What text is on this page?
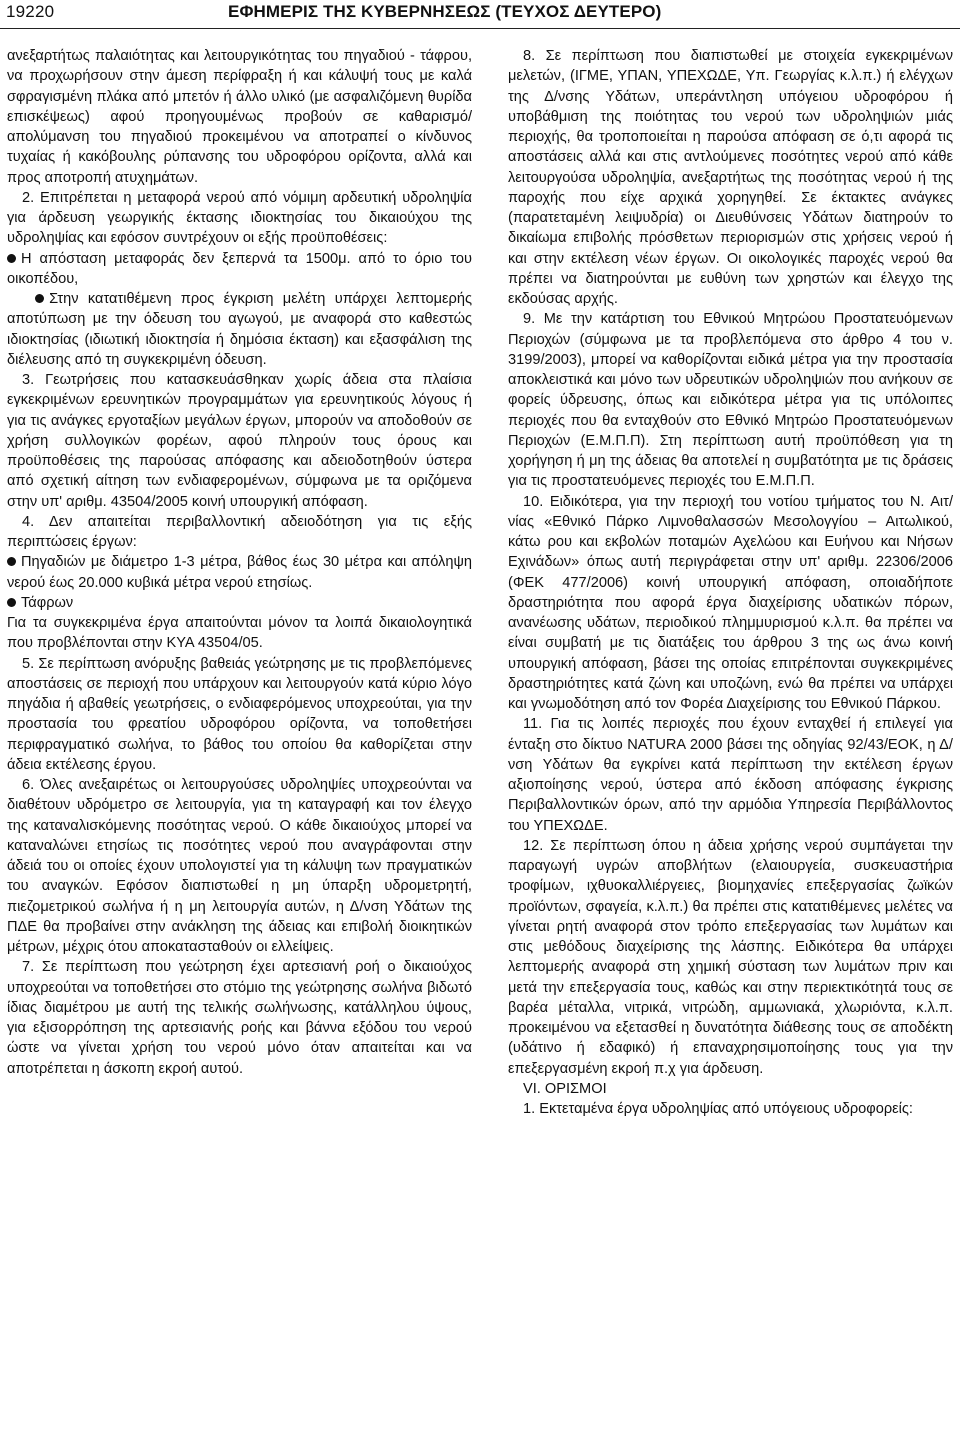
19220	ΕΦΗΜΕΡΙΣ ΤΗΣ ΚΥΒΕΡΝΗΣΕΩΣ (ΤΕΥΧΟΣ ΔΕΥΤΕΡΟ)

ανεξαρτήτως παλαιότητας και λειτουργικότητας του πηγαδιού - τάφρου, να προχωρήσουν στην άμεση περίφραξη ή και κάλυψή τους με καλά σφραγισμένη πλάκα από μπετόν ή άλλο υλικό (με ασφαλιζόμενη θυρίδα επισκέψεως) αφού προηγουμένως προβούν σε καθαρισμό/ απολύμανση του πηγαδιού προκειμένου να αποτραπεί ο κίνδυνος τυχαίας ή κακόβουλης ρύπανσης του υδροφόρου ορίζοντα, αλλά και προς αποτροπή ατυχημάτων.

2. Επιτρέπεται η μεταφορά νερού από νόμιμη αρδευτική υδροληψία για άρδευση γεωργικής έκτασης ιδιοκτησίας του δικαιούχου της υδροληψίας και εφόσον συντρέχουν οι εξής προϋποθέσεις:

Η απόσταση μεταφοράς δεν ξεπερνά τα 1500μ. από το όριο του οικοπέδου,

Στην κατατιθέμενη προς έγκριση μελέτη υπάρχει λεπτομερής αποτύπωση με την όδευση του αγωγού, με αναφορά στο καθεστώς ιδιοκτησίας (ιδιωτική ιδιοκτησία ή δημόσια έκταση) και εξασφάλιση της διέλευσης από τη συγκεκριμένη όδευση.

3. Γεωτρήσεις που κατασκευάσθηκαν χωρίς άδεια στα πλαίσια εγκεκριμένων ερευνητικών προγραμμάτων για ερευνητικούς λόγους ή για τις ανάγκες εργοταξίων μεγάλων έργων, μπορούν να αποδοθούν σε χρήση συλλογικών φορέων, αφού πληρούν τους όρους και προϋποθέσεις της παρούσας απόφασης και αδειοδοτηθούν ύστερα από σχετική αίτηση των ενδιαφερομένων, σύμφωνα με τα οριζόμενα στην υπ' αριθμ. 43504/2005 κοινή υπουργική απόφαση.

4. Δεν απαιτείται περιβαλλοντική αδειοδότηση για τις εξής περιπτώσεις έργων:

Πηγαδιών με διάμετρο 1-3 μέτρα, βάθος έως 30 μέτρα και απόληψη νερού έως 20.000 κυβικά μέτρα νερού ετησίως.

Τάφρων

Για τα συγκεκριμένα έργα απαιτούνται μόνον τα λοιπά δικαιολογητικά που προβλέπονται στην ΚΥΑ 43504/05.

5. Σε περίπτωση ανόρυξης βαθειάς γεώτρησης με τις προβλεπόμενες αποστάσεις σε περιοχή που υπάρχουν και λειτουργούν κατά κύριο λόγο πηγάδια ή αβαθείς γεωτρήσεις, ο ενδιαφερόμενος υποχρεούται, για την προστασία του φρεατίου υδροφόρου ορίζοντα, να τοποθετήσει περιφραγματικό σωλήνα, το βάθος του οποίου θα καθορίζεται στην άδεια εκτέλεσης έργου.

6. Όλες ανεξαιρέτως οι λειτουργούσες υδροληψίες υποχρεούνται να διαθέτουν υδρόμετρο σε λειτουργία, για τη καταγραφή και τον έλεγχο της καταναλισκόμενης ποσότητας νερού. Ο κάθε δικαιούχος μπορεί να καταναλώνει ετησίως τις ποσότητες νερού που αναγράφονται στην άδειά του οι οποίες έχουν υπολογιστεί για τη κάλυψη των πραγματικών του αναγκών. Εφόσον διαπιστωθεί η μη ύπαρξη υδρομετρητή, πιεζομετρικού σωλήνα ή η μη λειτουργία αυτών, η Δ/νση Υδάτων της ΠΔΕ θα προβαίνει στην ανάκληση της άδειας και επιβολή διοικητικών μέτρων, μέχρις ότου αποκατασταθούν οι ελλείψεις.

7. Σε περίπτωση που γεώτρηση έχει αρτεσιανή ροή ο δικαιούχος υποχρεούται να τοποθετήσει στο στόμιο της γεώτρησης σωλήνα βιδωτό ίδιας διαμέτρου με αυτή της τελικής σωλήνωσης, κατάλληλου ύψους, για εξισορρόπηση της αρτεσιανής ροής και βάννα εξόδου του νερού ώστε να γίνεται χρήση του νερού μόνο όταν απαιτείται και να αποτρέπεται η άσκοπη εκροή αυτού.

8. Σε περίπτωση που διαπιστωθεί με στοιχεία εγκεκριμένων μελετών, (ΙΓΜΕ, ΥΠΑΝ, ΥΠΕΧΩΔΕ, Υπ. Γεωργίας κ.λ.π.) ή ελέγχων της Δ/νσης Υδάτων, υπεράντληση υπόγειου υδροφόρου ή υποβάθμιση της ποιότητας του νερού των υδροληψιών μιάς περιοχής, θα τροποποιείται η παρούσα απόφαση σε ό,τι αφορά τις αποστάσεις αλλά και στις αντλούμενες ποσότητες νερού από κάθε λειτουργούσα υδροληψία, ανεξαρτήτως της ποσότητας νερού ή της παροχής που είχε αρχικά χορηγηθεί. Σε έκτακτες ανάγκες (παρατεταμένη λειψυδρία) οι Διευθύνσεις Υδάτων διατηρούν το δικαίωμα επιβολής πρόσθετων περιορισμών στις χρήσεις νερού ή και στην εκτέλεση νέων έργων. Οι οικολογικές παροχές νερού θα πρέπει να διατηρούνται με ευθύνη των χρηστών και έλεγχο της εκδούσας αρχής.

9. Με την κατάρτιση του Εθνικού Μητρώου Προστατευόμενων Περιοχών (σύμφωνα με τα προβλεπόμενα στο άρθρο 4 του ν. 3199/2003), μπορεί να καθορίζονται ειδικά μέτρα για την προστασία αποκλειστικά και μόνο των υδρευτικών υδροληψιών που ανήκουν σε φορείς ύδρευσης, όπως και ειδικότερα μέτρα για τις υπόλοιπες περιοχές που θα ενταχθούν στο Εθνικό Μητρώο Προστατευόμενων Περιοχών (Ε.Μ.Π.Π). Στη περίπτωση αυτή προϋπόθεση για τη χορήγηση ή μη της άδειας θα αποτελεί η συμβατότητα με τις δράσεις για τις προστατευόμενες περιοχές του Ε.Μ.Π.Π.

10. Ειδικότερα, για την περιοχή του νοτίου τμήματος του Ν. Αιτ/νίας «Εθνικό Πάρκο Λιμνοθαλασσών Μεσολογγίου – Αιτωλικού, κάτω ρου και εκβολών ποταμών Αχελώου και Ευήνου και Νήσων Εχινάδων» όπως αυτή περιγράφεται στην υπ' αριθμ. 22306/2006 (ΦΕΚ 477/2006) κοινή υπουργική απόφαση, οποιαδήποτε δραστηριότητα που αφορά έργα διαχείρισης υδατικών πόρων, ανανέωσης υδάτων, περιοδικού πλημμυρισμού κ.λ.π. θα πρέπει να είναι συμβατή με τις διατάξεις του άρθρου 3 της ως άνω κοινή υπουργική απόφαση, βάσει της οποίας επιτρέπονται συγκεκριμένες δραστηριότητες κατά ζώνη και υποζώνη, ενώ θα πρέπει να υπάρχει και γνωμοδότηση από τον Φορέα Διαχείρισης του Εθνικού Πάρκου.

11. Για τις λοιπές περιοχές που έχουν ενταχθεί ή επιλεγεί για ένταξη στο δίκτυο NATURA 2000 βάσει της οδηγίας 92/43/ΕΟΚ, η Δ/νση Υδάτων θα εγκρίνει κατά περίπτωση την εκτέλεση έργων αξιοποίησης νερού, ύστερα από έκδοση απόφασης έγκρισης Περιβαλλοντικών όρων, από την αρμόδια Υπηρεσία Περιβάλλοντος του ΥΠΕΧΩΔΕ.

12. Σε περίπτωση όπου η άδεια χρήσης νερού συμπάγεται την παραγωγή υγρών αποβλήτων (ελαιουργεία, συσκευαστήρια τροφίμων, ιχθυοκαλλιέργειες, βιομηχανίες επεξεργασίας ζωϊκών προϊόντων, σφαγεία, κ.λ.π.) θα πρέπει στις κατατιθέμενες μελέτες να γίνεται ρητή αναφορά στον τρόπο επεξεργασίας των λυμάτων και στις μεθόδους διαχείρισης της λάσπης. Ειδικότερα θα υπάρχει λεπτομερής αναφορά στη χημική σύσταση των λυμάτων πριν και μετά την επεξεργασία τους, καθώς και στην περιεκτικότητά τους σε βαρέα μέταλλα, νιτρικά, νιτρώδη, αμμωνιακά, χλωριόντα, κ.λ.π. προκειμένου να εξετασθεί η δυνατότητα διάθεσης τους σε αποδέκτη (υδάτινο ή εδαφικό) ή επαναχρησιμοποίησης τους για την επεξεργασμένη εκροή π.χ για άρδευση.

VI. ΟΡΙΣΜΟΙ

1. Εκτεταμένα έργα υδροληψίας από υπόγειους υδροφορείς:
